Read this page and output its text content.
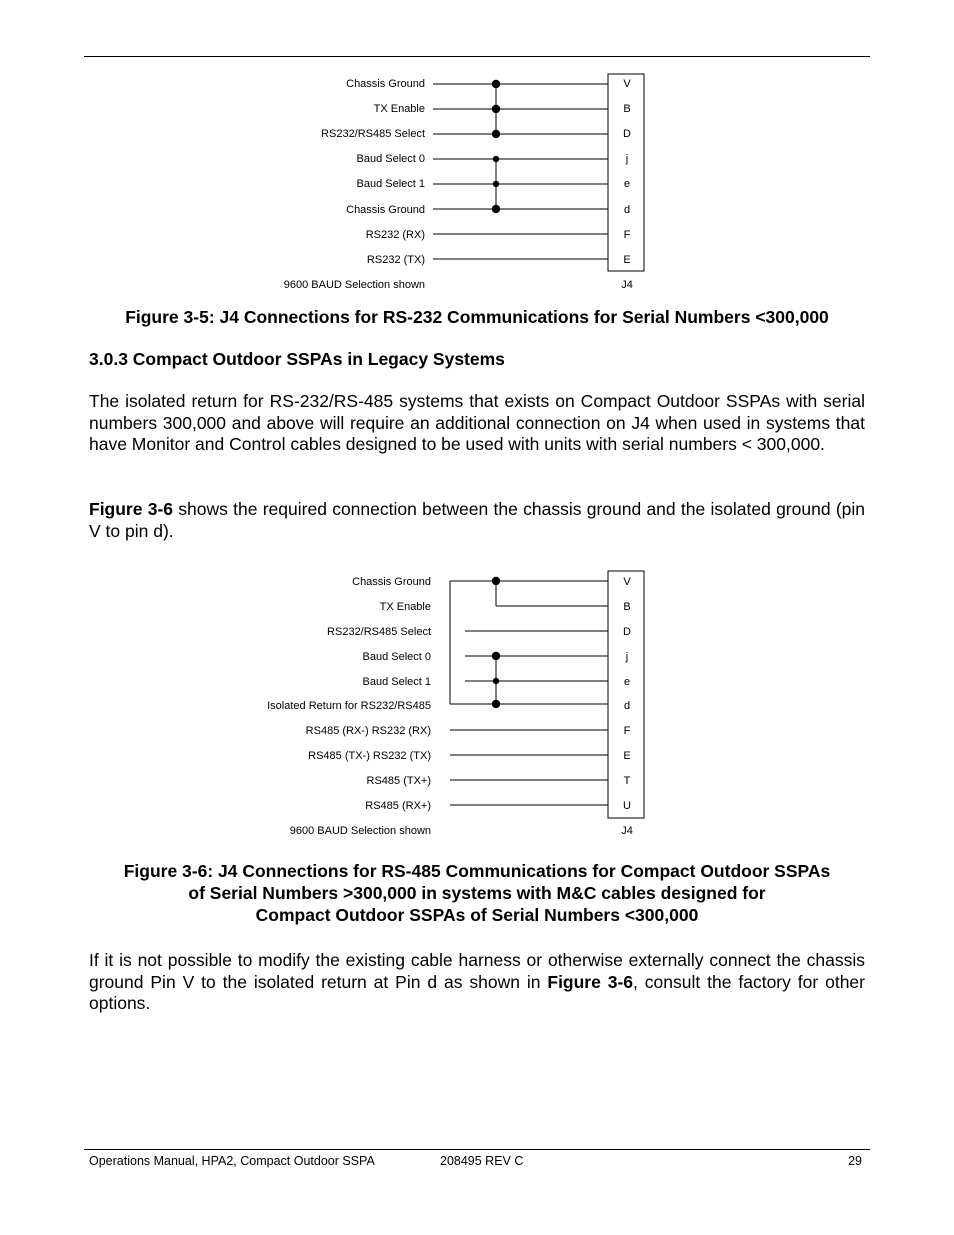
Chassis Ground
TX Enable
RS232/RS485 Select
Baud Select 0
Baud Select 1
Chassis Ground
RS232 (RX)
RS232 (TX)
9600 BAUD Selection shown
V
B
D
j
e
d
F
E
J4
Figure 3-5: J4 Connections for RS-232 Communications for Serial Numbers <300,000
3.0.3 Compact Outdoor SSPAs in Legacy Systems

The isolated return for RS-232/RS-485 systems that exists on Compact Outdoor SSPAs with serial numbers 300,000 and above will require an additional connection on J4 when used in systems that have Monitor and Control cables designed to be used with units with serial numbers < 300,000.

Figure 3-6 shows the required connection between the chassis ground and the isolated ground (pin V to pin d).

Chassis Ground
TX Enable
RS232/RS485 Select
Baud Select 0
Baud Select 1
Isolated Return for RS232/RS485
RS485 (RX-) RS232 (RX)
RS485 (TX-) RS232 (TX)
RS485 (TX+)
RS485 (RX+)
9600 BAUD Selection shown
V
B
D
j
e
d
F
E
T
U
J4
Figure 3-6: J4 Connections for RS-485 Communications for Compact Outdoor SSPAs
of Serial Numbers >300,000 in systems with M&C cables designed for
Compact Outdoor SSPAs of Serial Numbers <300,000

If it is not possible to modify the existing cable harness or otherwise externally connect the chassis ground Pin V to the isolated return at Pin d as shown in Figure 3-6, consult the factory for other options.

Operations Manual, HPA2, Compact Outdoor SSPA	208495 REV C	29
